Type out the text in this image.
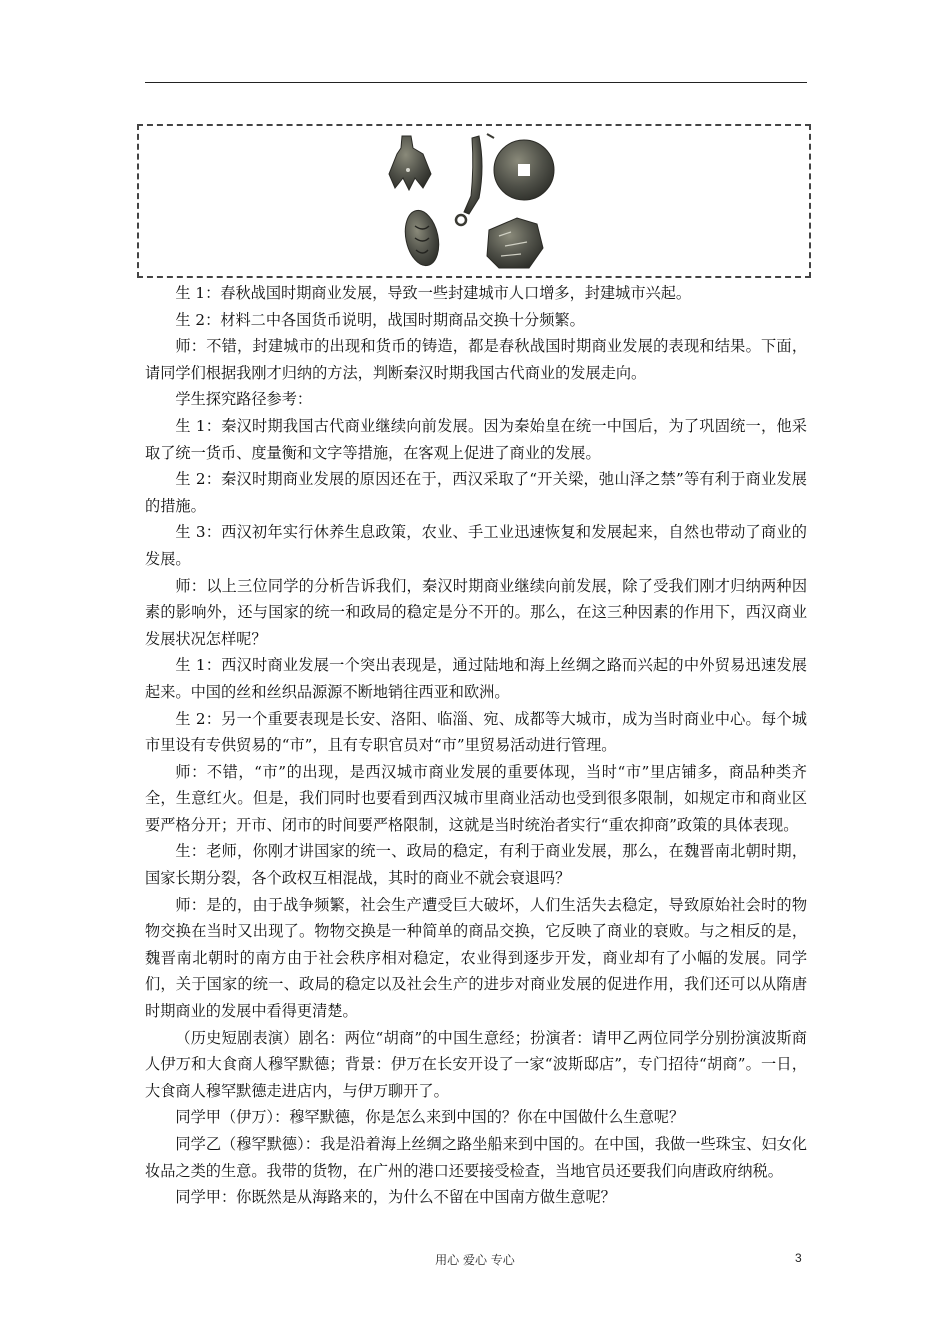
生 1：春秋战国时期商业发展，导致一些封建城市人口增多，封建城市兴起。

生 2：材料二中各国货币说明，战国时期商品交换十分频繁。

师：不错，封建城市的出现和货币的铸造，都是春秋战国时期商业发展的表现和结果。下面，请同学们根据我刚才归纳的方法，判断秦汉时期我国古代商业的发展走向。

学生探究路径参考：

生 1：秦汉时期我国古代商业继续向前发展。因为秦始皇在统一中国后，为了巩固统一，他采取了统一货币、度量衡和文字等措施，在客观上促进了商业的发展。

生 2：秦汉时期商业发展的原因还在于，西汉采取了“开关梁，弛山泽之禁”等有利于商业发展的措施。

生 3：西汉初年实行休养生息政策，农业、手工业迅速恢复和发展起来，自然也带动了商业的发展。

师：以上三位同学的分析告诉我们，秦汉时期商业继续向前发展，除了受我们刚才归纳两种因素的影响外，还与国家的统一和政局的稳定是分不开的。那么，在这三种因素的作用下，西汉商业发展状况怎样呢？

生 1：西汉时商业发展一个突出表现是，通过陆地和海上丝绸之路而兴起的中外贸易迅速发展起来。中国的丝和丝织品源源不断地销往西亚和欧洲。

生 2：另一个重要表现是长安、洛阳、临淄、宛、成都等大城市，成为当时商业中心。每个城市里设有专供贸易的“市”，且有专职官员对“市”里贸易活动进行管理。

师：不错，“市”的出现，是西汉城市商业发展的重要体现，当时“市”里店铺多，商品种类齐全，生意红火。但是，我们同时也要看到西汉城市里商业活动也受到很多限制，如规定市和商业区要严格分开；开市、闭市的时间要严格限制，这就是当时统治者实行“重农抑商”政策的具体表现。

生：老师，你刚才讲国家的统一、政局的稳定，有利于商业发展，那么，在魏晋南北朝时期，国家长期分裂，各个政权互相混战，其时的商业不就会衰退吗？

师：是的，由于战争频繁，社会生产遭受巨大破坏，人们生活失去稳定，导致原始社会时的物物交换在当时又出现了。物物交换是一种简单的商品交换，它反映了商业的衰败。与之相反的是，魏晋南北朝时的南方由于社会秩序相对稳定，农业得到逐步开发，商业却有了小幅的发展。同学们，关于国家的统一、政局的稳定以及社会生产的进步对商业发展的促进作用，我们还可以从隋唐时期商业的发展中看得更清楚。

（历史短剧表演）剧名：两位“胡商”的中国生意经；扮演者：请甲乙两位同学分别扮演波斯商人伊万和大食商人穆罕默德；背景：伊万在长安开设了一家“波斯邸店”，专门招待“胡商”。一日，大食商人穆罕默德走进店内，与伊万聊开了。

同学甲（伊万）：穆罕默德，你是怎么来到中国的？你在中国做什么生意呢？

同学乙（穆罕默德）：我是沿着海上丝绸之路坐船来到中国的。在中国，我做一些珠宝、妇女化妆品之类的生意。我带的货物，在广州的港口还要接受检查，当地官员还要我们向唐政府纳税。

同学甲：你既然是从海路来的，为什么不留在中国南方做生意呢？

用心 爱心 专心	3
